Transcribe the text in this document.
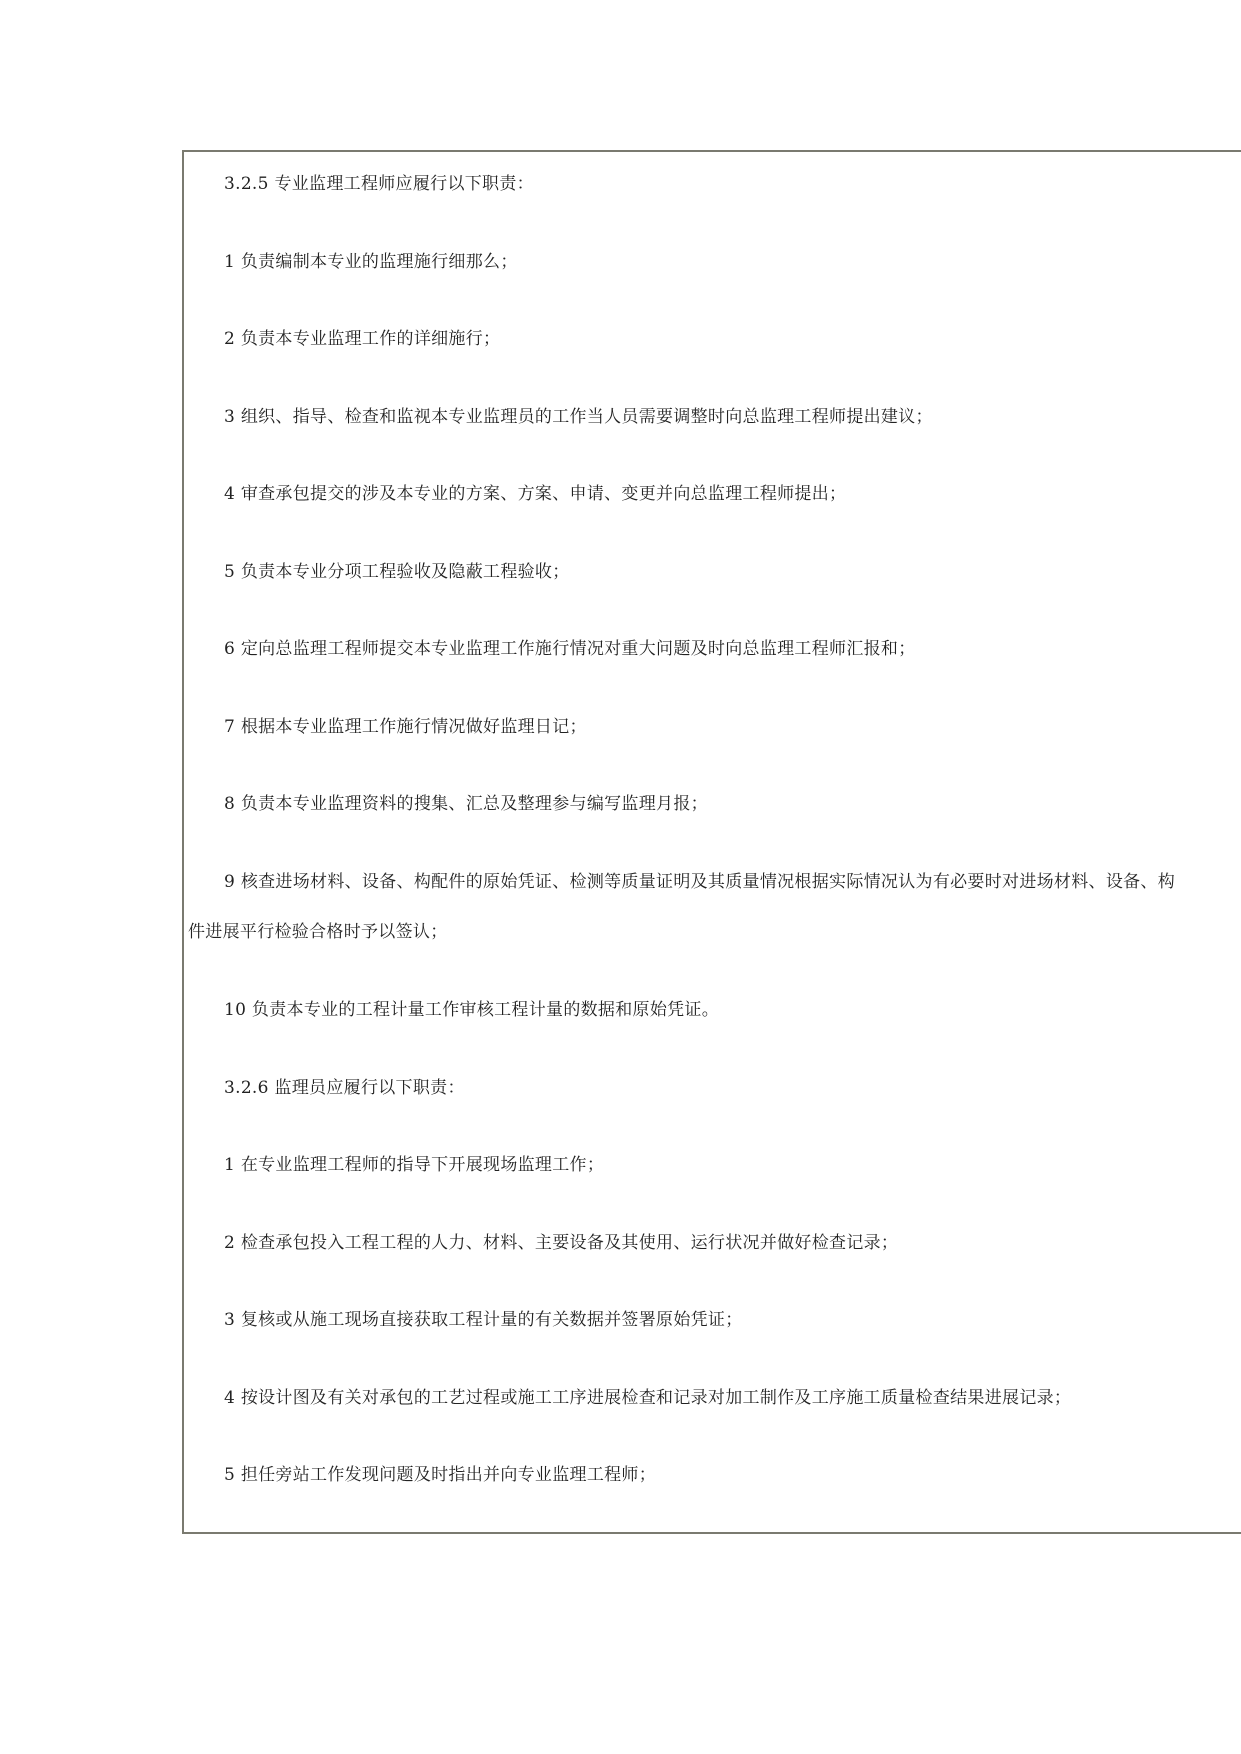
3.2.5 专业监理工程师应履行以下职责：
1 负责编制本专业的监理施行细那么；
2 负责本专业监理工作的详细施行；
3 组织、指导、检查和监视本专业监理员的工作当人员需要调整时向总监理工程师提出建议；
4 审查承包提交的涉及本专业的方案、方案、申请、变更并向总监理工程师提出；
5 负责本专业分项工程验收及隐蔽工程验收；
6 定向总监理工程师提交本专业监理工作施行情况对重大问题及时向总监理工程师汇报和；
7 根据本专业监理工作施行情况做好监理日记；
8 负责本专业监理资料的搜集、汇总及整理参与编写监理月报；
9 核查进场材料、设备、构配件的原始凭证、检测等质量证明及其质量情况根据实际情况认为有必要时对进场材料、设备、构
件进展平行检验合格时予以签认；
10 负责本专业的工程计量工作审核工程计量的数据和原始凭证。
3.2.6 监理员应履行以下职责：
1 在专业监理工程师的指导下开展现场监理工作；
2 检查承包投入工程工程的人力、材料、主要设备及其使用、运行状况并做好检查记录；
3 复核或从施工现场直接获取工程计量的有关数据并签署原始凭证；
4 按设计图及有关对承包的工艺过程或施工工序进展检查和记录对加工制作及工序施工质量检查结果进展记录；
5 担任旁站工作发现问题及时指出并向专业监理工程师；
